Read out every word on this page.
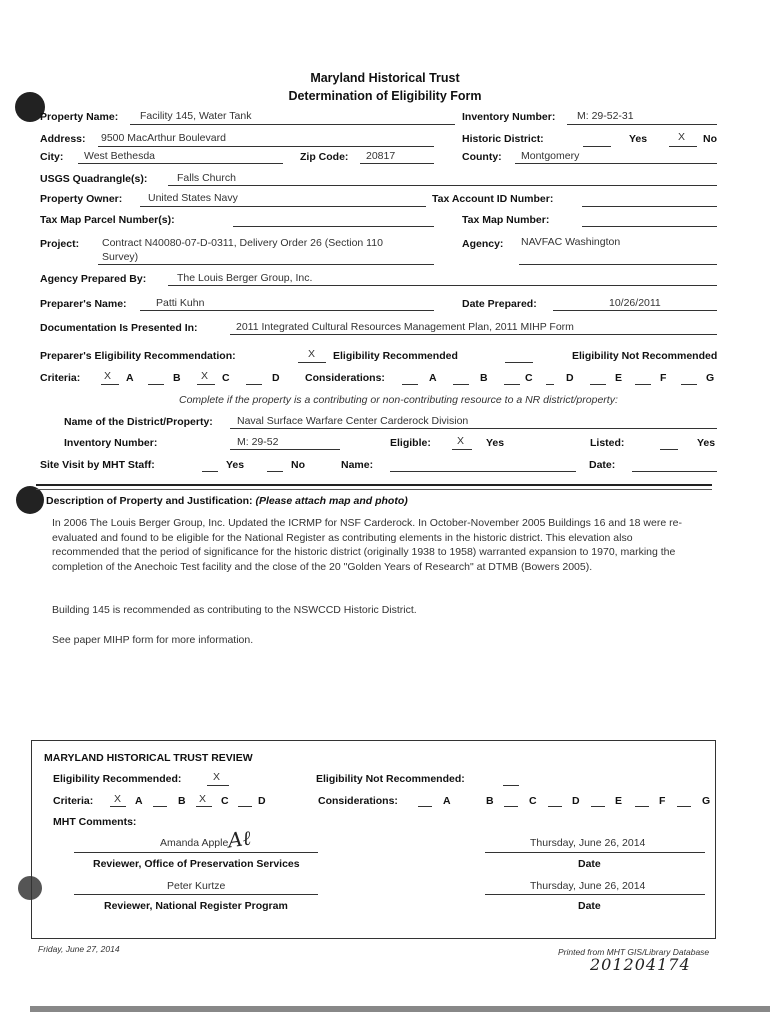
Maryland Historical Trust
Determination of Eligibility Form
Property Name: Facility 145, Water Tank	Inventory Number: M: 29-52-31
Address: 9500 MacArthur Boulevard	Historic District:	Yes	X No
City: West Bethesda	Zip Code: 20817	County: Montgomery
USGS Quadrangle(s):	Falls Church
Property Owner: United States Navy	Tax Account ID Number:
Tax Map Parcel Number(s):	Tax Map Number:
Project: Contract N40080-07-D-0311, Delivery Order 26 (Section 110
Survey)
Agency: NAVFAC Washington
Agency Prepared By:	The Louis Berger Group, Inc.
Preparer's Name:	Patti Kuhn	Date Prepared:	10/26/2011
Documentation Is Presented In:	2011 Integrated Cultural Resources Management Plan, 2011 MIHP Form
Preparer's Eligibility Recommendation:	X Eligibility Recommended	Eligibility Not Recommended
Criteria: X A	B X C	D Considerations:	A	B	C	D	E	F	G
Complete if the property is a contributing or non-contributing resource to a NR district/property:
Name of the District/Property: Naval Surface Warfare Center Carderock Division
Inventory Number:	M: 29-52	Eligible: X Yes	Listed:	Yes
Site Visit by MHT Staff:	Yes	No	Name:	Date:
Description of Property and Justification: (Please attach map and photo)
In 2006 The Louis Berger Group, Inc. Updated the ICRMP for NSF Carderock. In October-November 2005 Buildings 16 and 18 were re-evaluated and found to be eligible for the National Register as contributing elements in the historic district. This elevation also recommended that the period of significance for the historic district (originally 1938 to 1958) warranted expansion to 1970, marking the completion of the Anechoic Test facility and the close of the 20 "Golden Years of Research" at DTMB (Bowers 2005).
Building 145 is recommended as contributing to the NSWCCD Historic District.
See paper MIHP form for more information.
MARYLAND HISTORICAL TRUST REVIEW
Eligibility Recommended:	X	Eligibility Not Recommended:
Criteria: X A	B X C	D	Considerations:	A	B	C	D	E	F	G
MHT Comments:
Amanda Apple
Aℓ
Reviewer, Office of Preservation Services
Thursday, June 26, 2014
Date
Peter Kurtze
Reviewer, National Register Program
Thursday, June 26, 2014
Date
Friday, June 27, 2014	Printed from MHT GIS/Library Database
201204174
